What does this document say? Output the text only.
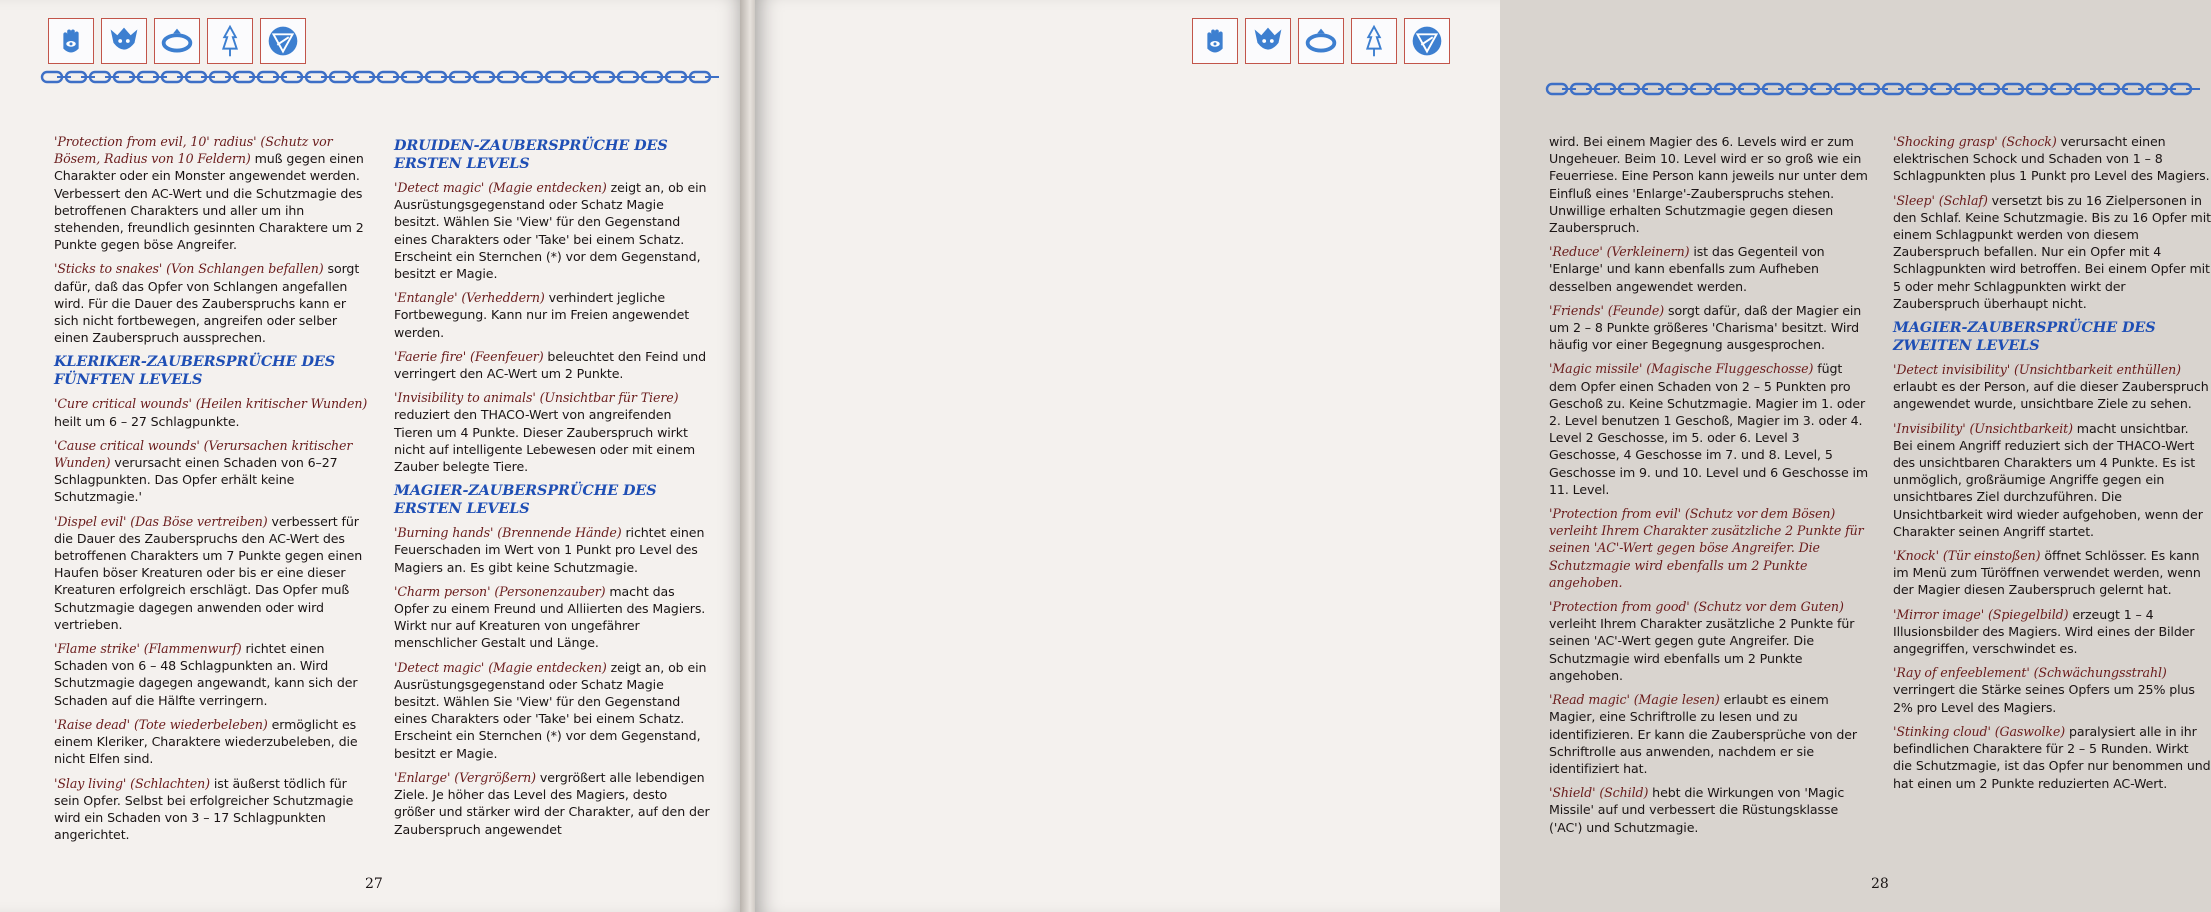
'Protection from evil, 10' radius' (Schutz vor Bösem, Radius von 10 Feldern) muß gegen einen Charakter oder ein Monster angewendet werden. Verbessert den AC-Wert und die Schutzmagie des betroffenen Charakters und aller um ihn stehenden, freundlich gesinnten Charaktere um 2 Punkte gegen böse Angreifer.

'Sticks to snakes' (Von Schlangen befallen) sorgt dafür, daß das Opfer von Schlangen angefallen wird. Für die Dauer des Zauberspruchs kann er sich nicht fortbewegen, angreifen oder selber einen Zauberspruch aussprechen.

KLERIKER-ZAUBERSPRÜCHE DES FÜNFTEN LEVELS

'Cure critical wounds' (Heilen kritischer Wunden) heilt um 6 – 27 Schlagpunkte.

'Cause critical wounds' (Verursachen kritischer Wunden) verursacht einen Schaden von 6–27 Schlagpunkten. Das Opfer erhält keine Schutzmagie.'

'Dispel evil' (Das Böse vertreiben) verbessert für die Dauer des Zauberspruchs den AC-Wert des betroffenen Charakters um 7 Punkte gegen einen Haufen böser Kreaturen oder bis er eine dieser Kreaturen erfolgreich erschlägt. Das Opfer muß Schutzmagie dagegen anwenden oder wird vertrieben.

'Flame strike' (Flammenwurf) richtet einen Schaden von 6 – 48 Schlagpunkten an. Wird Schutzmagie dagegen angewandt, kann sich der Schaden auf die Hälfte verringern.

'Raise dead' (Tote wiederbeleben) ermöglicht es einem Kleriker, Charaktere wiederzubeleben, die nicht Elfen sind.

'Slay living' (Schlachten) ist äußerst tödlich für sein Opfer. Selbst bei erfolgreicher Schutzmagie wird ein Schaden von 3 – 17 Schlagpunkten angerichtet.

DRUIDEN-ZAUBERSPRÜCHE DES ERSTEN LEVELS

'Detect magic' (Magie entdecken) zeigt an, ob ein Ausrüstungsgegenstand oder Schatz Magie besitzt. Wählen Sie 'View' für den Gegenstand eines Charakters oder 'Take' bei einem Schatz. Erscheint ein Sternchen (*) vor dem Gegenstand, besitzt er Magie.

'Entangle' (Verheddern) verhindert jegliche Fortbewegung. Kann nur im Freien angewendet werden.

'Faerie fire' (Feenfeuer) beleuchtet den Feind und verringert den AC-Wert um 2 Punkte.

'Invisibility to animals' (Unsichtbar für Tiere) reduziert den THACO-Wert von angreifenden Tieren um 4 Punkte. Dieser Zauberspruch wirkt nicht auf intelligente Lebewesen oder mit einem Zauber belegte Tiere.

MAGIER-ZAUBERSPRÜCHE DES ERSTEN LEVELS

'Burning hands' (Brennende Hände) richtet einen Feuerschaden im Wert von 1 Punkt pro Level des Magiers an. Es gibt keine Schutzmagie.

'Charm person' (Personenzauber) macht das Opfer zu einem Freund und Alliierten des Magiers. Wirkt nur auf Kreaturen von ungefährer menschlicher Gestalt und Länge.

'Detect magic' (Magie entdecken) zeigt an, ob ein Ausrüstungsgegenstand oder Schatz Magie besitzt. Wählen Sie 'View' für den Gegenstand eines Charakters oder 'Take' bei einem Schatz. Erscheint ein Sternchen (*) vor dem Gegenstand, besitzt er Magie.

'Enlarge' (Vergrößern) vergrößert alle lebendigen Ziele. Je höher das Level des Magiers, desto größer und stärker wird der Charakter, auf den der Zauberspruch angewendet

27

wird. Bei einem Magier des 6. Levels wird er zum Ungeheuer. Beim 10. Level wird er so groß wie ein Feuerriese. Eine Person kann jeweils nur unter dem Einfluß eines 'Enlarge'-Zauberspruchs stehen. Unwillige erhalten Schutzmagie gegen diesen Zauberspruch.

'Reduce' (Verkleinern) ist das Gegenteil von 'Enlarge' und kann ebenfalls zum Aufheben desselben angewendet werden.

'Friends' (Feunde) sorgt dafür, daß der Magier ein um 2 – 8 Punkte größeres 'Charisma' besitzt. Wird häufig vor einer Begegnung ausgesprochen.

'Magic missile' (Magische Fluggeschosse) fügt dem Opfer einen Schaden von 2 – 5 Punkten pro Geschoß zu. Keine Schutzmagie. Magier im 1. oder 2. Level benutzen 1 Geschoß, Magier im 3. oder 4. Level 2 Geschosse, im 5. oder 6. Level 3 Geschosse, 4 Geschosse im 7. und 8. Level, 5 Geschosse im 9. und 10. Level und 6 Geschosse im 11. Level.

'Protection from evil' (Schutz vor dem Bösen) verleiht Ihrem Charakter zusätzliche 2 Punkte für seinen 'AC'-Wert gegen böse Angreifer. Die Schutzmagie wird ebenfalls um 2 Punkte angehoben.

'Protection from good' (Schutz vor dem Guten) verleiht Ihrem Charakter zusätzliche 2 Punkte für seinen 'AC'-Wert gegen gute Angreifer. Die Schutzmagie wird ebenfalls um 2 Punkte angehoben.

'Read magic' (Magie lesen) erlaubt es einem Magier, eine Schriftrolle zu lesen und zu identifizieren. Er kann die Zaubersprüche von der Schriftrolle aus anwenden, nachdem er sie identifiziert hat.

'Shield' (Schild) hebt die Wirkungen von 'Magic Missile' auf und verbessert die Rüstungsklasse ('AC') und Schutzmagie.

'Shocking grasp' (Schock) verursacht einen elektrischen Schock und Schaden von 1 – 8 Schlagpunkten plus 1 Punkt pro Level des Magiers.

'Sleep' (Schlaf) versetzt bis zu 16 Zielpersonen in den Schlaf. Keine Schutzmagie. Bis zu 16 Opfer mit einem Schlagpunkt werden von diesem Zauberspruch befallen. Nur ein Opfer mit 4 Schlagpunkten wird betroffen. Bei einem Opfer mit 5 oder mehr Schlagpunkten wirkt der Zauberspruch überhaupt nicht.

MAGIER-ZAUBERSPRÜCHE DES ZWEITEN LEVELS

'Detect invisibility' (Unsichtbarkeit enthüllen) erlaubt es der Person, auf die dieser Zauberspruch angewendet wurde, unsichtbare Ziele zu sehen.

'Invisibility' (Unsichtbarkeit) macht unsichtbar. Bei einem Angriff reduziert sich der THACO-Wert des unsichtbaren Charakters um 4 Punkte. Es ist unmöglich, großräumige Angriffe gegen ein unsichtbares Ziel durchzuführen. Die Unsichtbarkeit wird wieder aufgehoben, wenn der Charakter seinen Angriff startet.

'Knock' (Tür einstoßen) öffnet Schlösser. Es kann im Menü zum Türöffnen verwendet werden, wenn der Magier diesen Zauberspruch gelernt hat.

'Mirror image' (Spiegelbild) erzeugt 1 – 4 Illusionsbilder des Magiers. Wird eines der Bilder angegriffen, verschwindet es.

'Ray of enfeeblement' (Schwächungsstrahl) verringert die Stärke seines Opfers um 25% plus 2% pro Level des Magiers.

'Stinking cloud' (Gaswolke) paralysiert alle in ihr befindlichen Charaktere für 2 – 5 Runden. Wirkt die Schutzmagie, ist das Opfer nur benommen und hat einen um 2 Punkte reduzierten AC-Wert.

28
